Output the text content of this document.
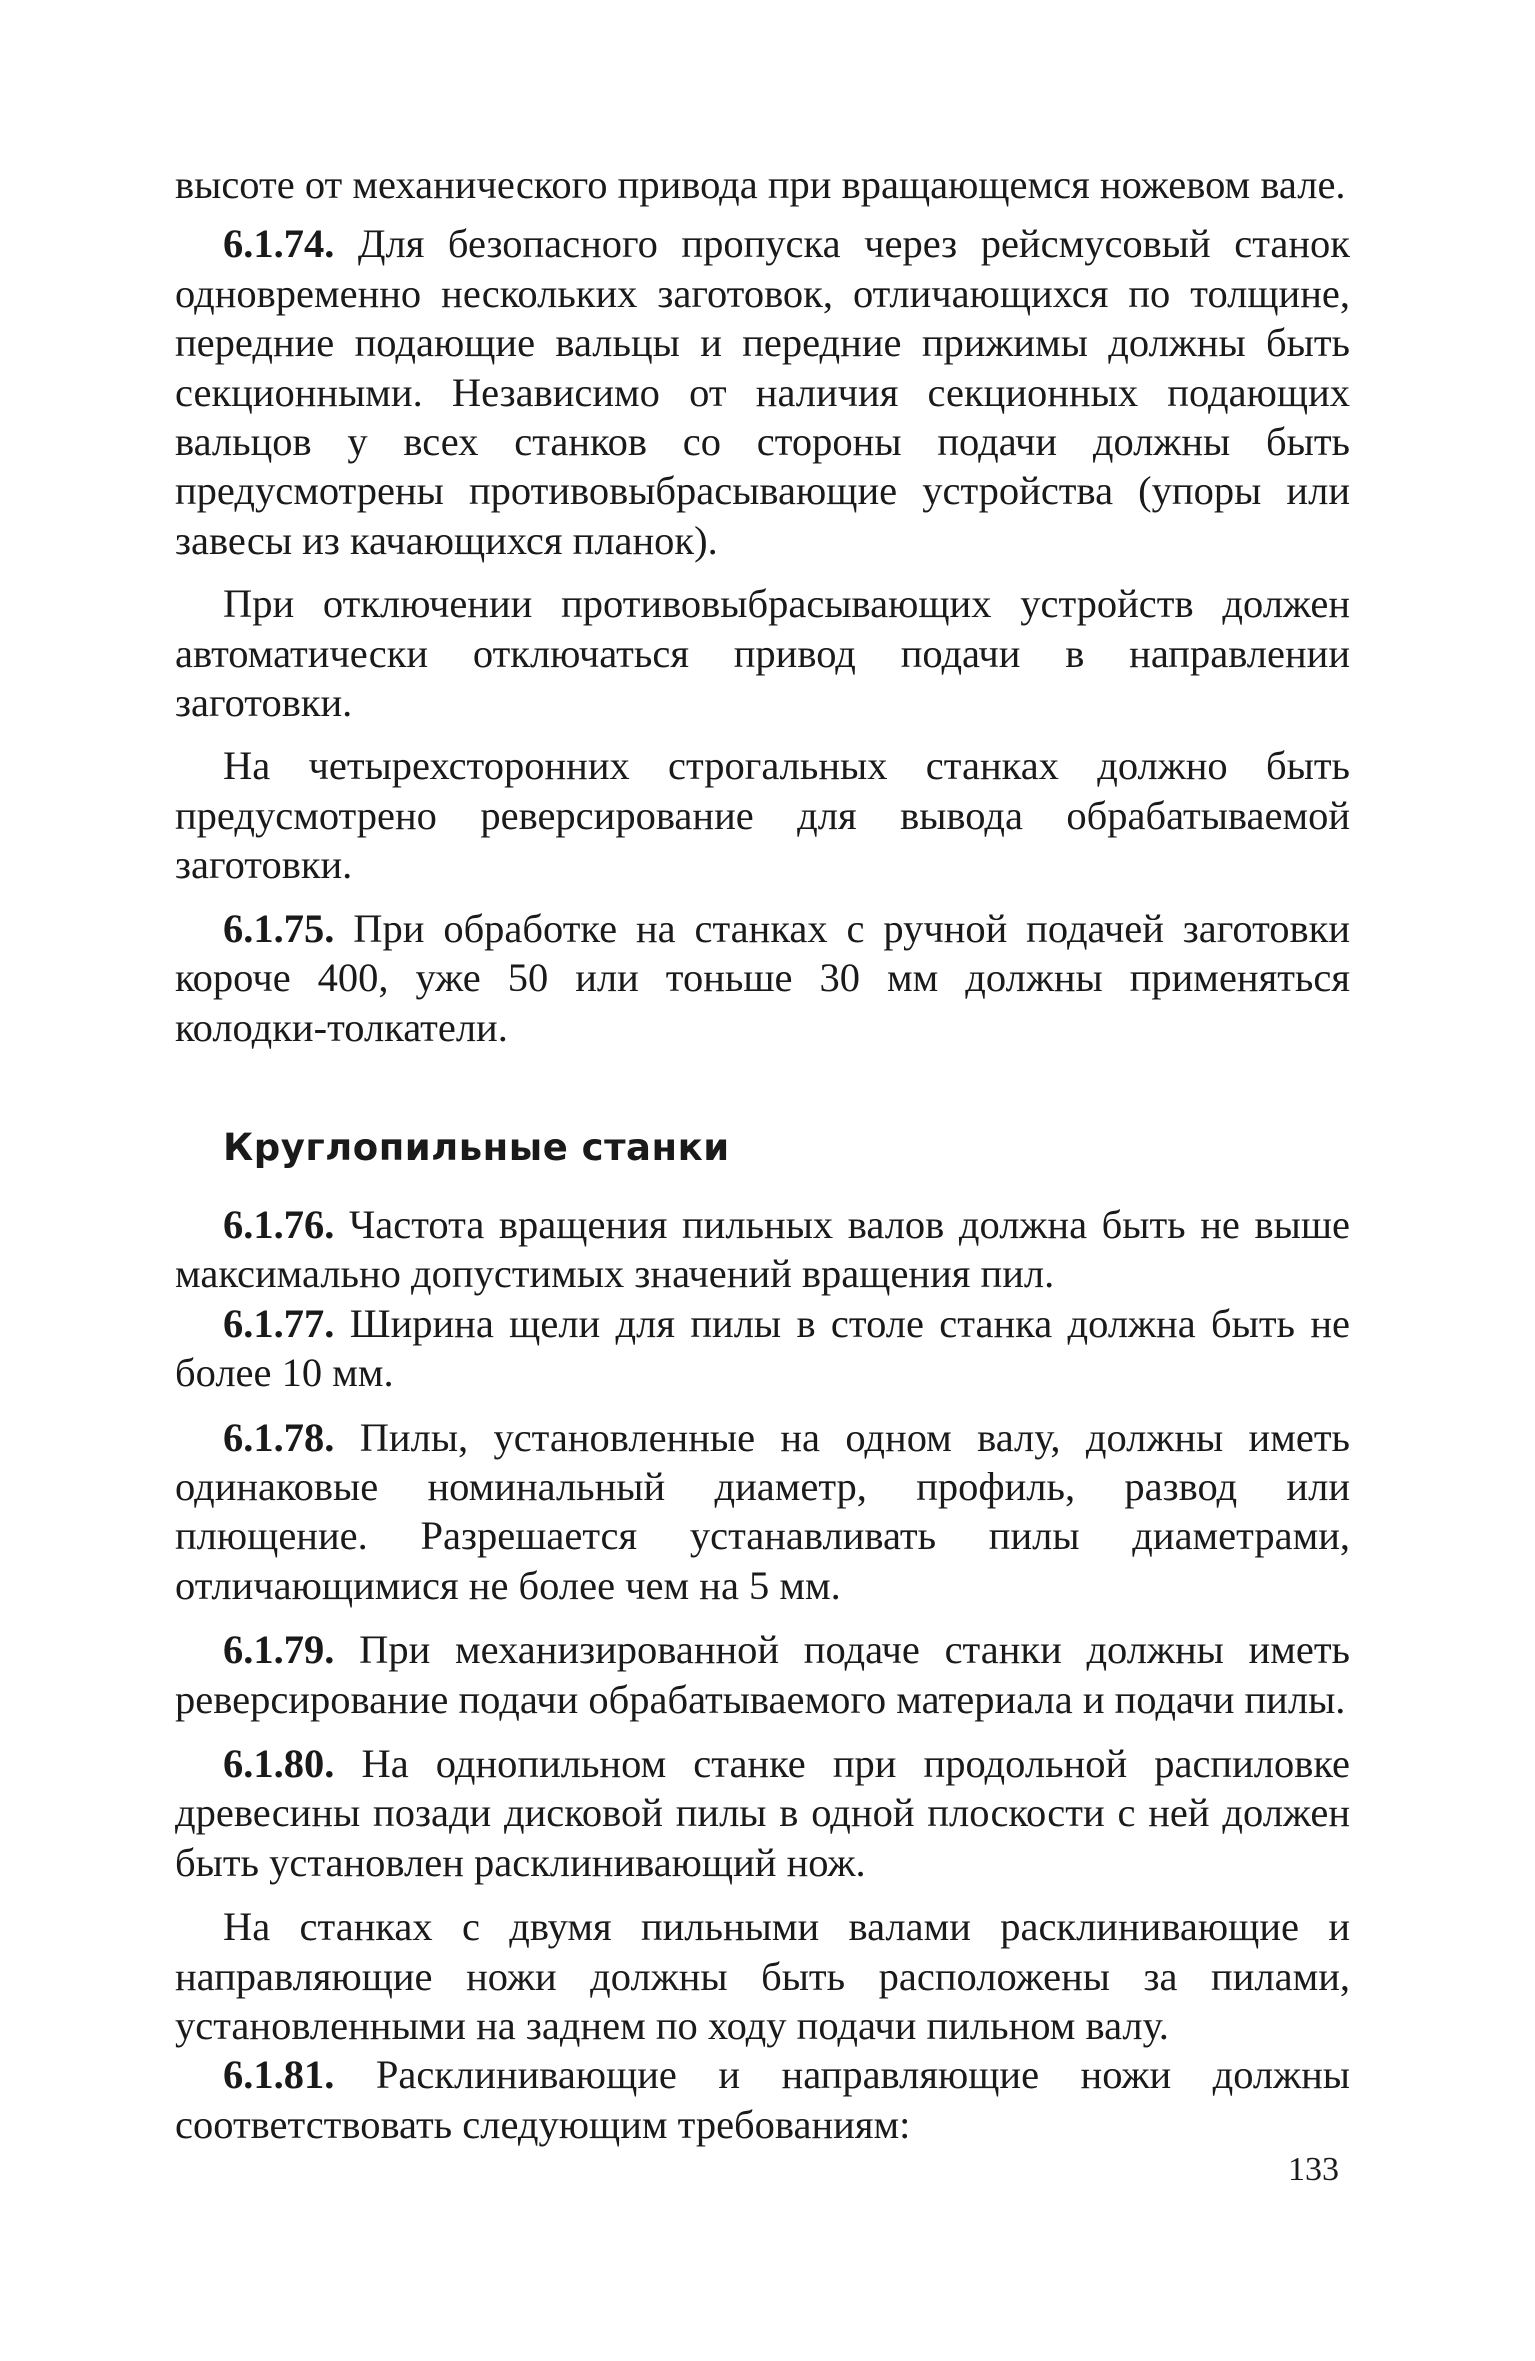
высоте от механического привода при вращающемся ножевом вале.

6.1.74. Для безопасного пропуска через рейсмусовый станок одновременно нескольких заготовок, отличающихся по толщине, передние подающие вальцы и передние прижимы должны быть секционными. Независимо от наличия секционных подающих вальцов у всех станков со стороны подачи должны быть предусмотрены противовыбрасывающие устройства (упоры или завесы из качающихся планок).

При отключении противовыбрасывающих устройств должен автоматически отключаться привод подачи в направлении заготовки.

На четырехсторонних строгальных станках должно быть предусмотрено реверсирование для вывода обрабатываемой заготовки.

6.1.75. При обработке на станках с ручной подачей заготовки короче 400, уже 50 или тоньше 30 мм должны применяться колодки-толкатели.

Круглопильные станки

6.1.76. Частота вращения пильных валов должна быть не выше максимально допустимых значений вращения пил.

6.1.77. Ширина щели для пилы в столе станка должна быть не более 10 мм.

6.1.78. Пилы, установленные на одном валу, должны иметь одинаковые номинальный диаметр, профиль, развод или плющение. Разрешается устанавливать пилы диаметрами, отличающимися не более чем на 5 мм.

6.1.79. При механизированной подаче станки должны иметь реверсирование подачи обрабатываемого материала и подачи пилы.

6.1.80. На однопильном станке при продольной распиловке древесины позади дисковой пилы в одной плоскости с ней должен быть установлен расклинивающий нож.

На станках с двумя пильными валами расклинивающие и направляющие ножи должны быть расположены за пилами, установленными на заднем по ходу подачи пильном валу.

6.1.81. Расклинивающие и направляющие ножи должны соответствовать следующим требованиям:

133
